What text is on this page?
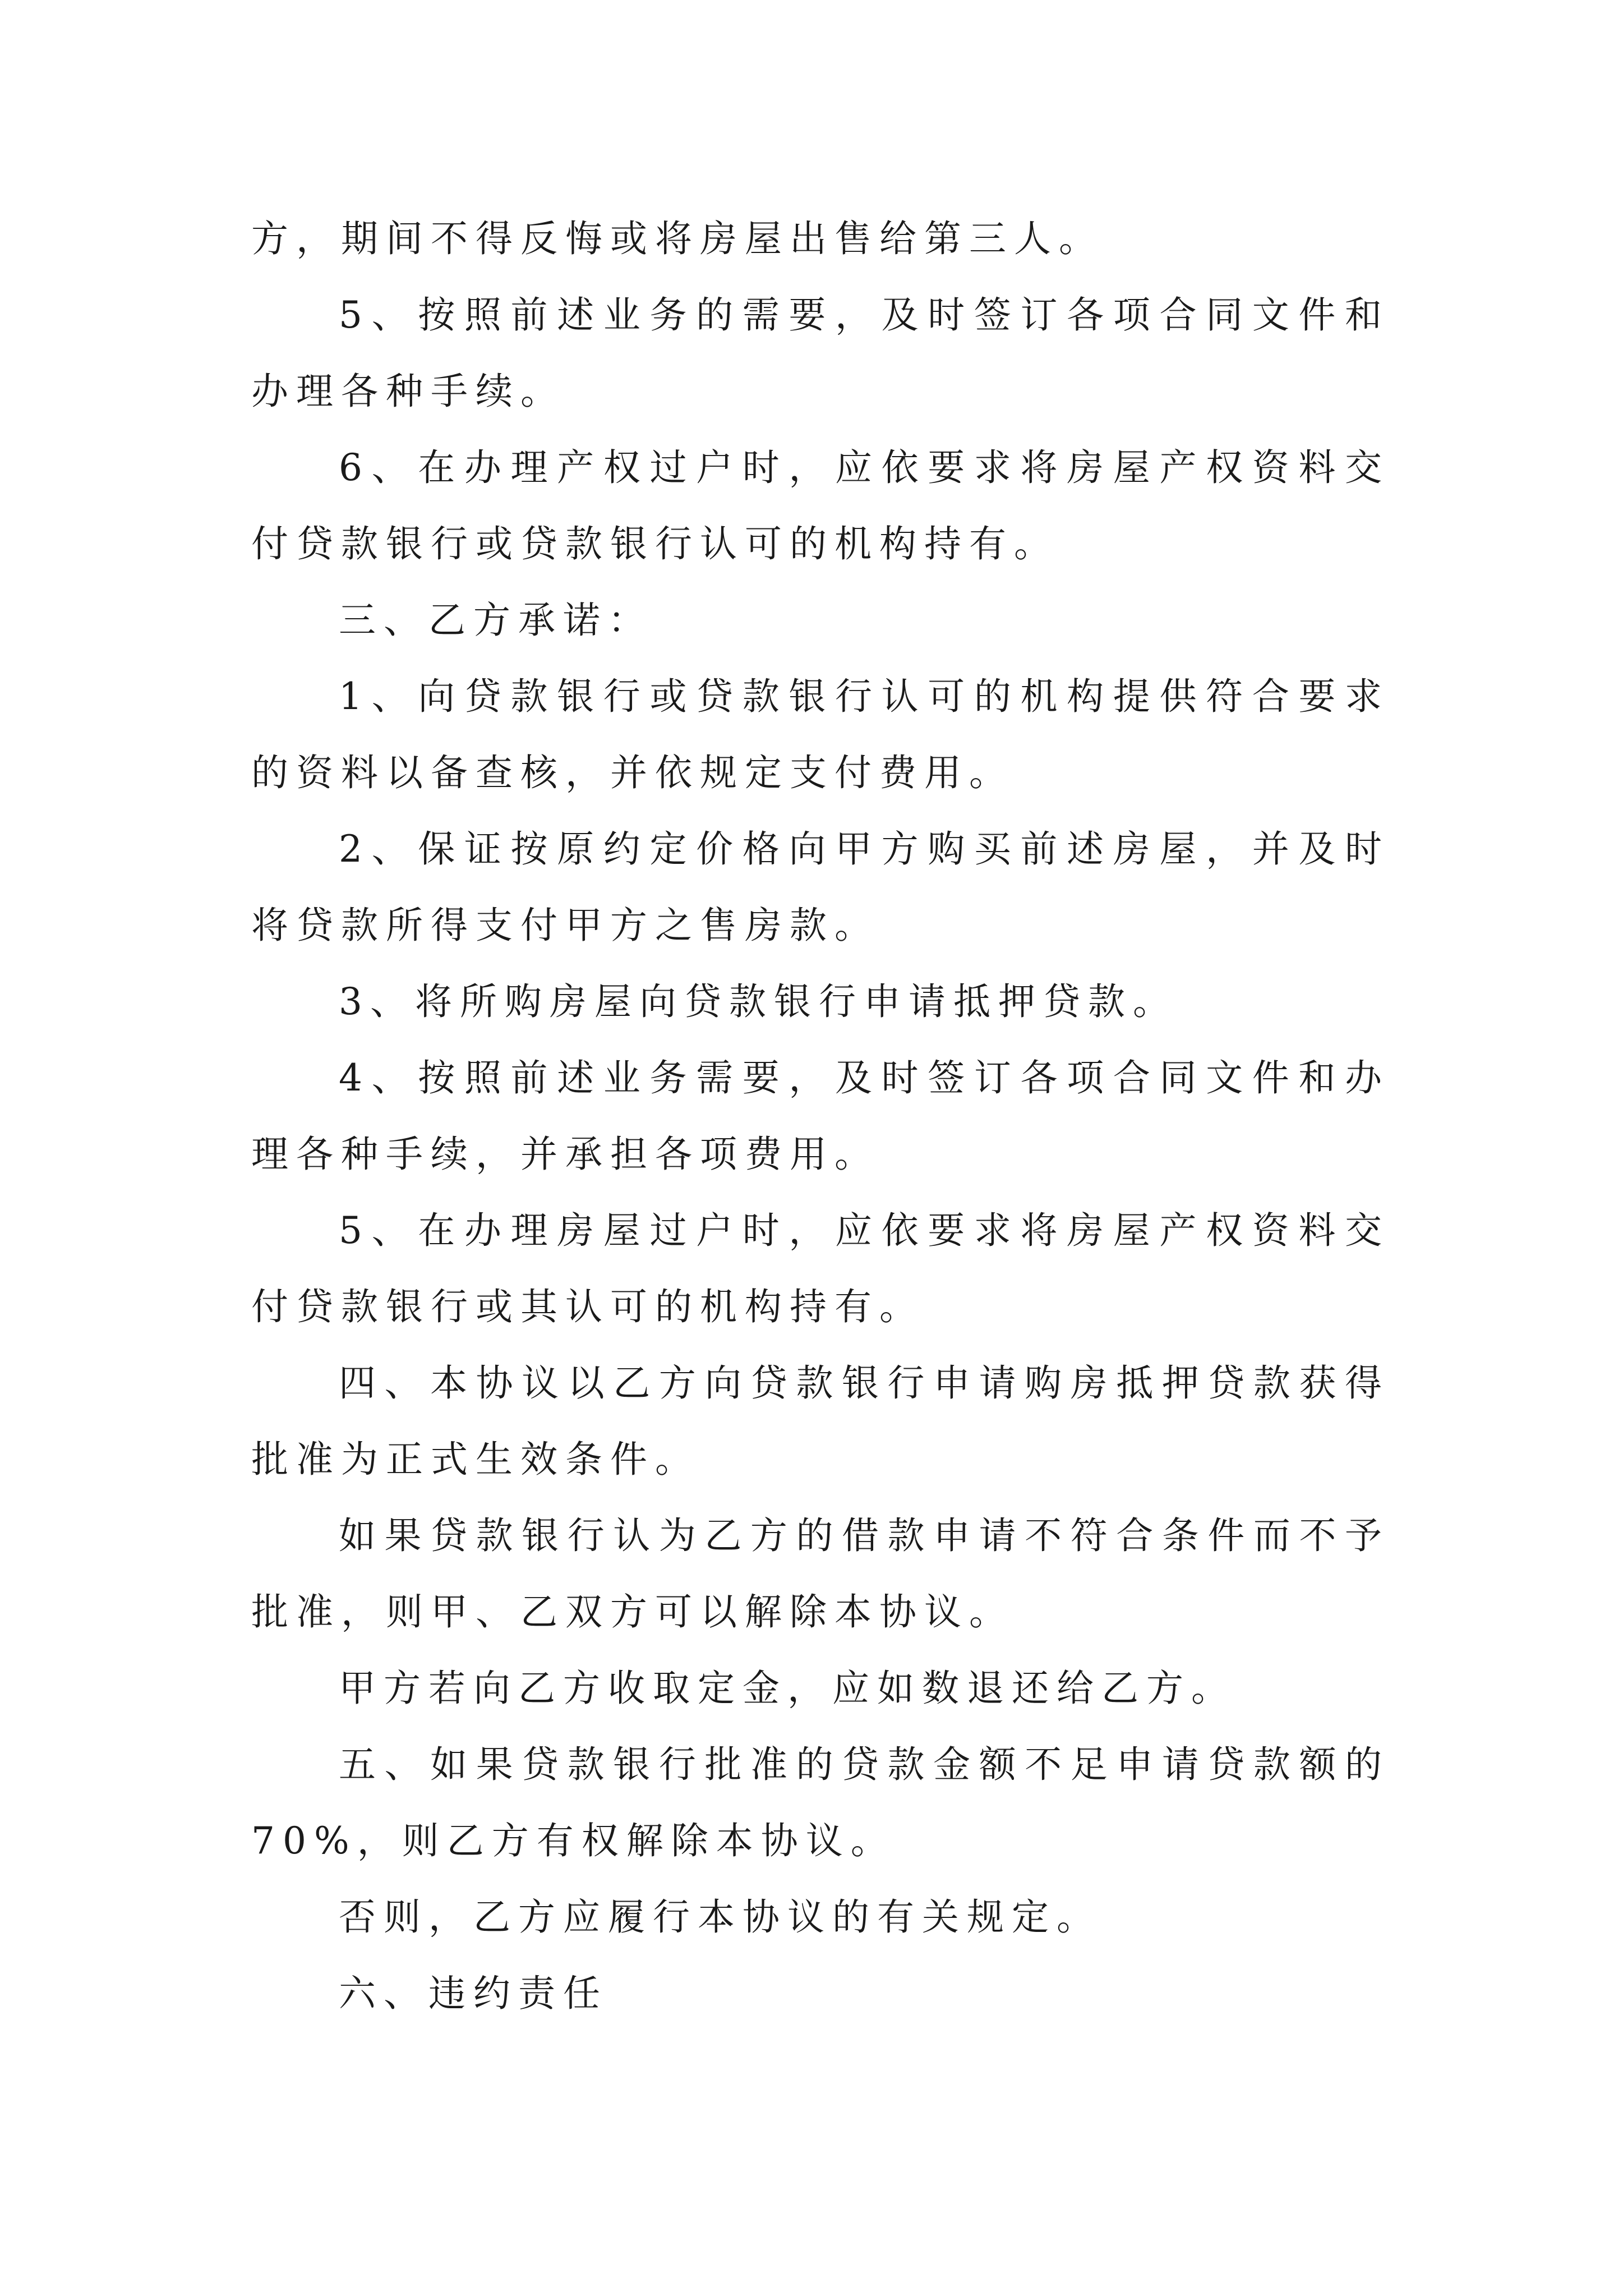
方，期间不得反悔或将房屋出售给第三人。

5、按照前述业务的需要，及时签订各项合同文件和办理各种手续。

6、在办理产权过户时，应依要求将房屋产权资料交付贷款银行或贷款银行认可的机构持有。

三、乙方承诺：

1、向贷款银行或贷款银行认可的机构提供符合要求的资料以备查核，并依规定支付费用。

2、保证按原约定价格向甲方购买前述房屋，并及时将贷款所得支付甲方之售房款。

3、将所购房屋向贷款银行申请抵押贷款。

4、按照前述业务需要，及时签订各项合同文件和办理各种手续，并承担各项费用。

5、在办理房屋过户时，应依要求将房屋产权资料交付贷款银行或其认可的机构持有。

四、本协议以乙方向贷款银行申请购房抵押贷款获得批准为正式生效条件。

如果贷款银行认为乙方的借款申请不符合条件而不予批准，则甲、乙双方可以解除本协议。

甲方若向乙方收取定金，应如数退还给乙方。

五、如果贷款银行批准的贷款金额不足申请贷款额的70%，则乙方有权解除本协议。

否则，乙方应履行本协议的有关规定。

六、违约责任
